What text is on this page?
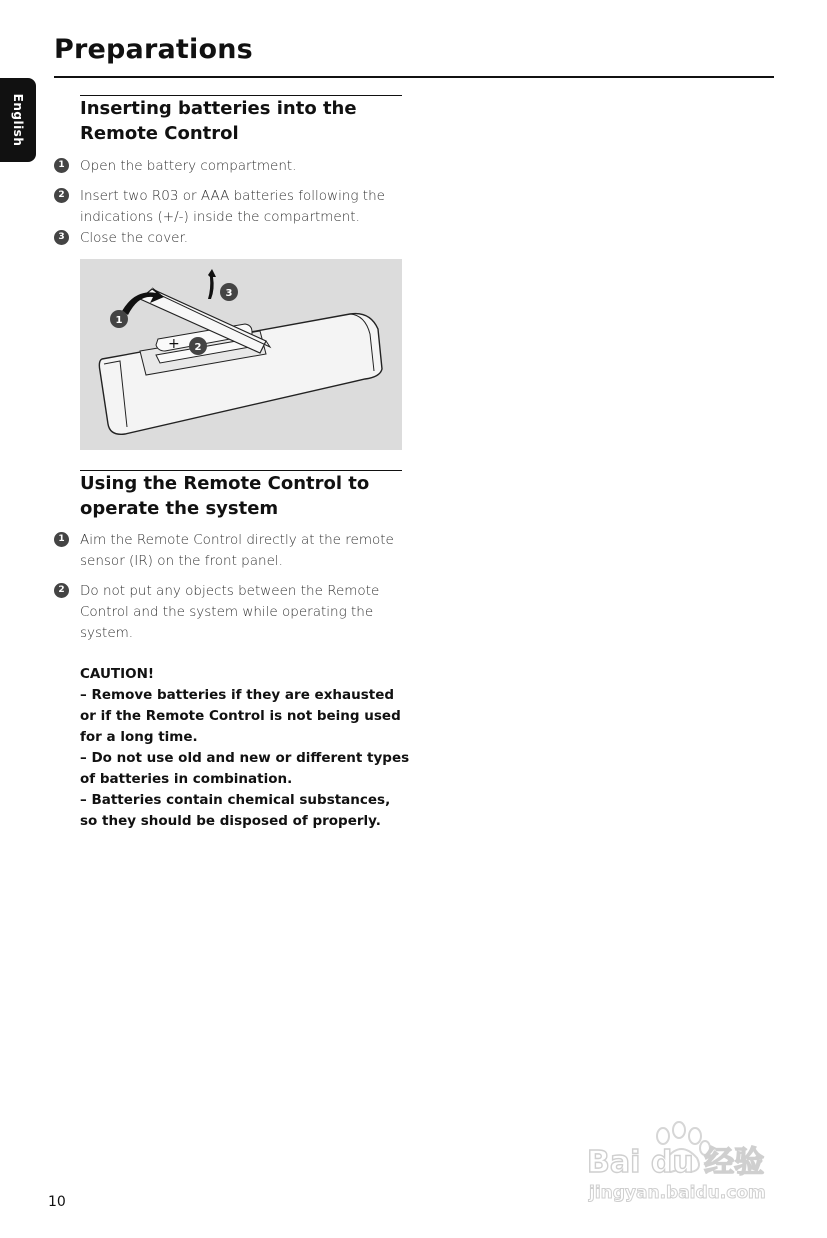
Preparations
English	Inserting batteries into the Remote Control
1	Open the battery compartment.
2	Insert two R03 or AAA batteries following the indications (+/-) inside the compartment.
3	Close the cover.
+
1
2
3
Using the Remote Control to operate the system
1	Aim the Remote Control directly at the remote sensor (IR) on the front panel.
2	Do not put any objects between the Remote Control and the system while operating the system.

CAUTION!

– Remove batteries if they are exhausted or if the Remote Control is not being used for a long time.

– Do not use old and new or different types of batteries in combination.

– Batteries contain chemical substances, so they should be disposed of properly.

10
Bai du 经验
jingyan.baidu.com
